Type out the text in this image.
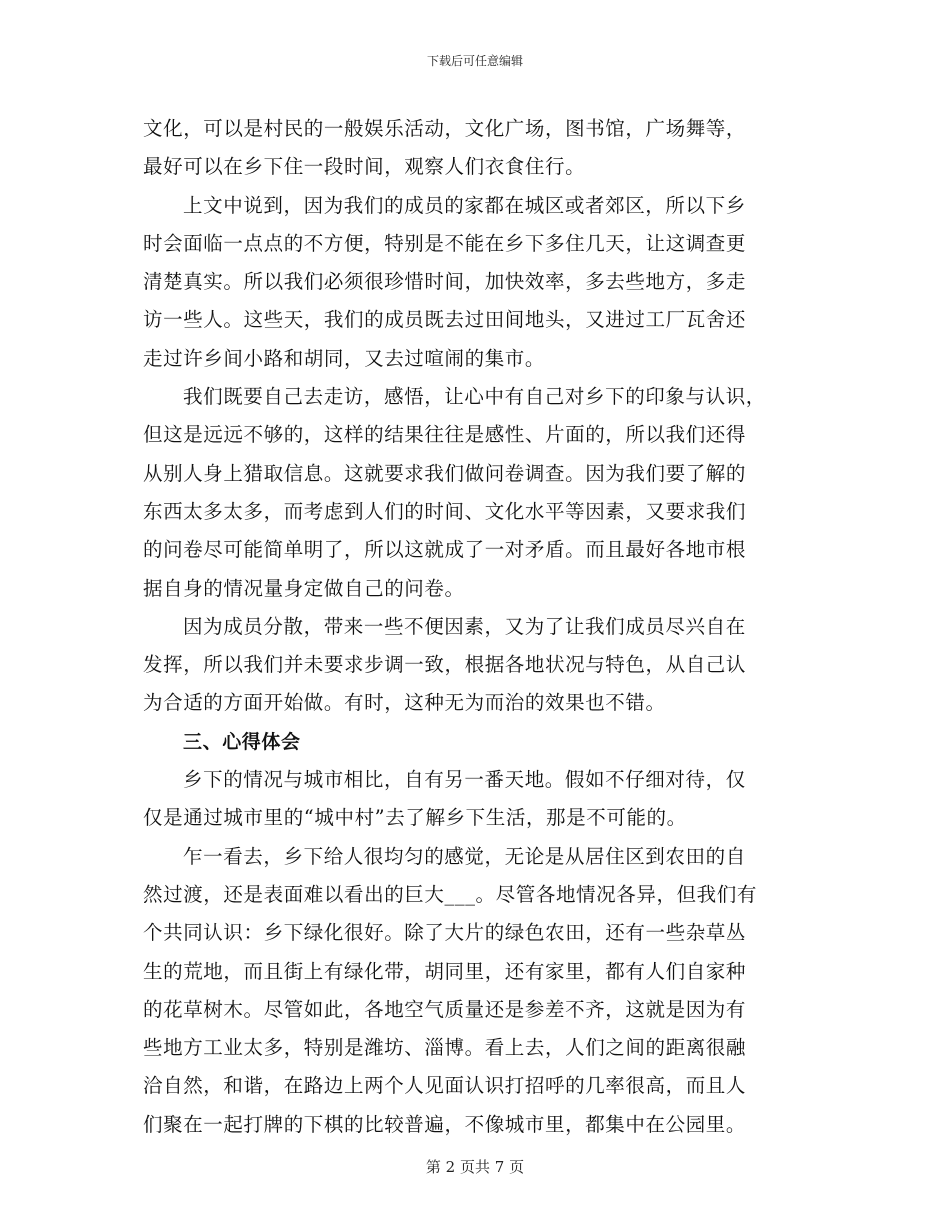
下载后可任意编辑
文化，可以是村民的一般娱乐活动，文化广场，图书馆，广场舞等，
最好可以在乡下住一段时间，观察人们衣食住行。
上文中说到，因为我们的成员的家都在城区或者郊区，所以下乡
时会面临一点点的不方便，特别是不能在乡下多住几天，让这调查更
清楚真实。所以我们必须很珍惜时间，加快效率，多去些地方，多走
访一些人。这些天，我们的成员既去过田间地头，又进过工厂瓦舍还
走过许乡间小路和胡同，又去过喧闹的集市。
我们既要自己去走访，感悟，让心中有自己对乡下的印象与认识，
但这是远远不够的，这样的结果往往是感性、片面的，所以我们还得
从别人身上猎取信息。这就要求我们做问卷调查。因为我们要了解的
东西太多太多，而考虑到人们的时间、文化水平等因素，又要求我们
的问卷尽可能简单明了，所以这就成了一对矛盾。而且最好各地市根
据自身的情况量身定做自己的问卷。
因为成员分散，带来一些不便因素，又为了让我们成员尽兴自在
发挥，所以我们并未要求步调一致，根据各地状况与特色，从自己认
为合适的方面开始做。有时，这种无为而治的效果也不错。
三、心得体会
乡下的情况与城市相比，自有另一番天地。假如不仔细对待，仅
仅是通过城市里的“城中村”去了解乡下生活，那是不可能的。
乍一看去，乡下给人很均匀的感觉，无论是从居住区到农田的自
然过渡，还是表面难以看出的巨大___。尽管各地情况各异，但我们有
个共同认识：乡下绿化很好。除了大片的绿色农田，还有一些杂草丛
生的荒地，而且街上有绿化带，胡同里，还有家里，都有人们自家种
的花草树木。尽管如此，各地空气质量还是参差不齐，这就是因为有
些地方工业太多，特别是潍坊、淄博。看上去，人们之间的距离很融
洽自然，和谐，在路边上两个人见面认识打招呼的几率很高，而且人
们聚在一起打牌的下棋的比较普遍，不像城市里，都集中在公园里。
第 2 页共 7 页
